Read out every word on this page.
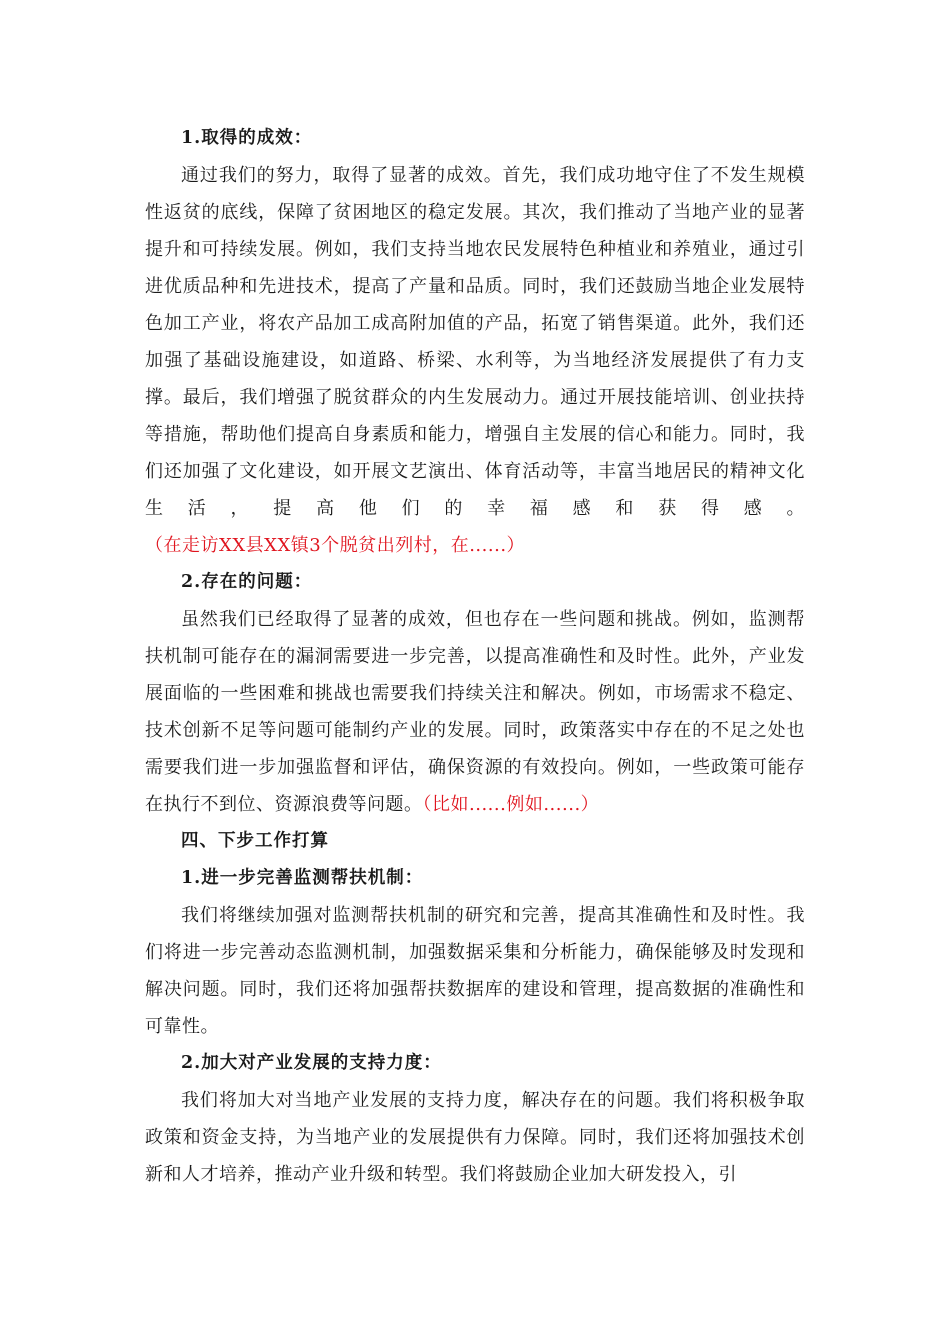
1.取得的成效：

通过我们的努力，取得了显著的成效。首先，我们成功地守住了不发生规模性返贫的底线，保障了贫困地区的稳定发展。其次，我们推动了当地产业的显著提升和可持续发展。例如，我们支持当地农民发展特色种植业和养殖业，通过引进优质品种和先进技术，提高了产量和品质。同时，我们还鼓励当地企业发展特色加工产业，将农产品加工成高附加值的产品，拓宽了销售渠道。此外，我们还加强了基础设施建设，如道路、桥梁、水利等，为当地经济发展提供了有力支撑。最后，我们增强了脱贫群众的内生发展动力。通过开展技能培训、创业扶持等措施，帮助他们提高自身素质和能力，增强自主发展的信心和能力。同时，我们还加强了文化建设，如开展文艺演出、体育活动等，丰富当地居民的精神文化生活，提高他们的幸福感和获得感。（在走访XX县XX镇3个脱贫出列村，在......）

2.存在的问题：

虽然我们已经取得了显著的成效，但也存在一些问题和挑战。例如，监测帮扶机制可能存在的漏洞需要进一步完善，以提高准确性和及时性。此外，产业发展面临的一些困难和挑战也需要我们持续关注和解决。例如，市场需求不稳定、技术创新不足等问题可能制约产业的发展。同时，政策落实中存在的不足之处也需要我们进一步加强监督和评估，确保资源的有效投向。例如，一些政策可能存在执行不到位、资源浪费等问题。（比如......例如......）

四、下步工作打算

1.进一步完善监测帮扶机制：

我们将继续加强对监测帮扶机制的研究和完善，提高其准确性和及时性。我们将进一步完善动态监测机制，加强数据采集和分析能力，确保能够及时发现和解决问题。同时，我们还将加强帮扶数据库的建设和管理，提高数据的准确性和可靠性。

2.加大对产业发展的支持力度：

我们将加大对当地产业发展的支持力度，解决存在的问题。我们将积极争取政策和资金支持，为当地产业的发展提供有力保障。同时，我们还将加强技术创新和人才培养，推动产业升级和转型。我们将鼓励企业加大研发投入，引
